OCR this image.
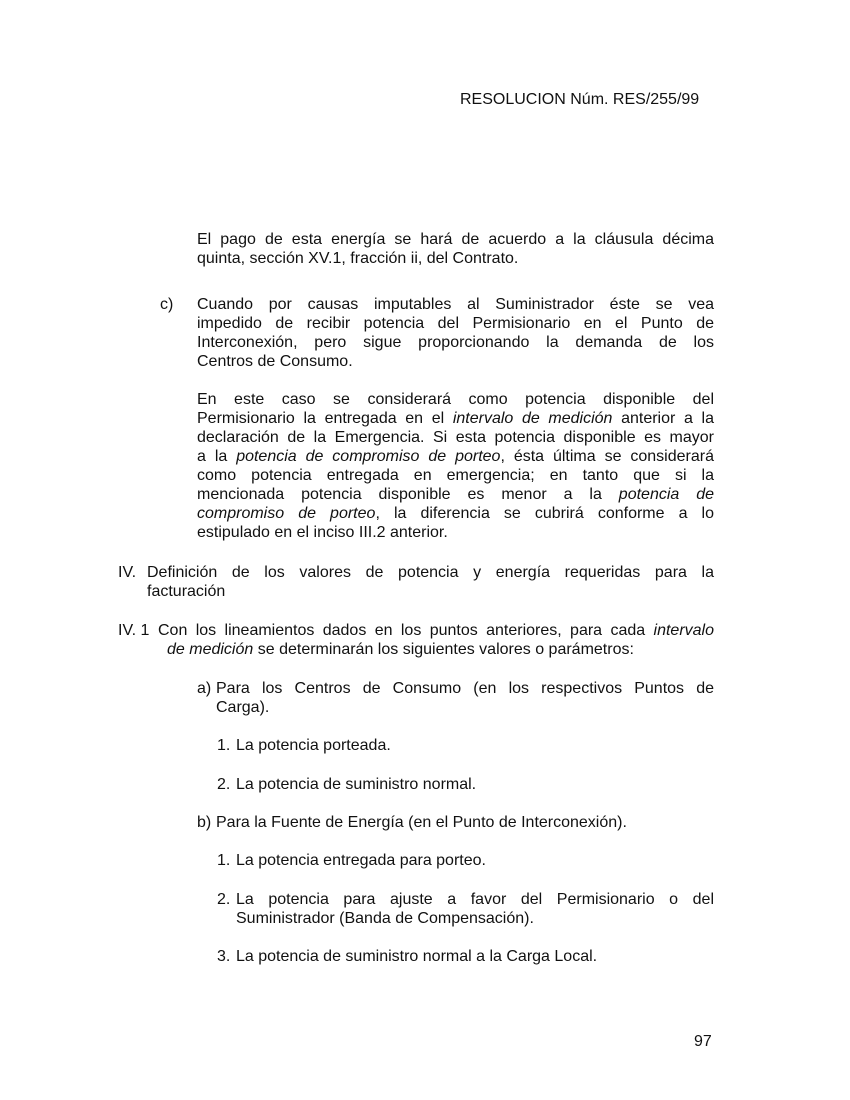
RESOLUCION Núm. RES/255/99
El pago de esta energía se hará de acuerdo a la cláusula décima
quinta, sección XV.1, fracción ii, del Contrato.
c) Cuando por causas imputables al Suministrador éste se vea
impedido de recibir potencia del Permisionario en el Punto de
Interconexión, pero sigue proporcionando la demanda de los
Centros de Consumo.
En este caso se considerará como potencia disponible del
Permisionario la entregada en el intervalo de medición anterior a la
declaración de la Emergencia. Si esta potencia disponible es mayor
a la potencia de compromiso de porteo, ésta última se considerará
como potencia entregada en emergencia; en tanto que si la
mencionada potencia disponible es menor a la potencia de
compromiso de porteo, la diferencia se cubrirá conforme a lo
estipulado en el inciso III.2 anterior.
IV. Definición de los valores de potencia y energía requeridas para la
facturación
IV. 1 Con los lineamientos dados en los puntos anteriores, para cada intervalo
de medición se determinarán los siguientes valores o parámetros:
a) Para los Centros de Consumo (en los respectivos Puntos de
Carga).
1. La potencia porteada.
2. La potencia de suministro normal.
b) Para la Fuente de Energía (en el Punto de Interconexión).
1. La potencia entregada para porteo.
2. La potencia para ajuste a favor del Permisionario o del
Suministrador (Banda de Compensación).
3. La potencia de suministro normal a la Carga Local.
97
